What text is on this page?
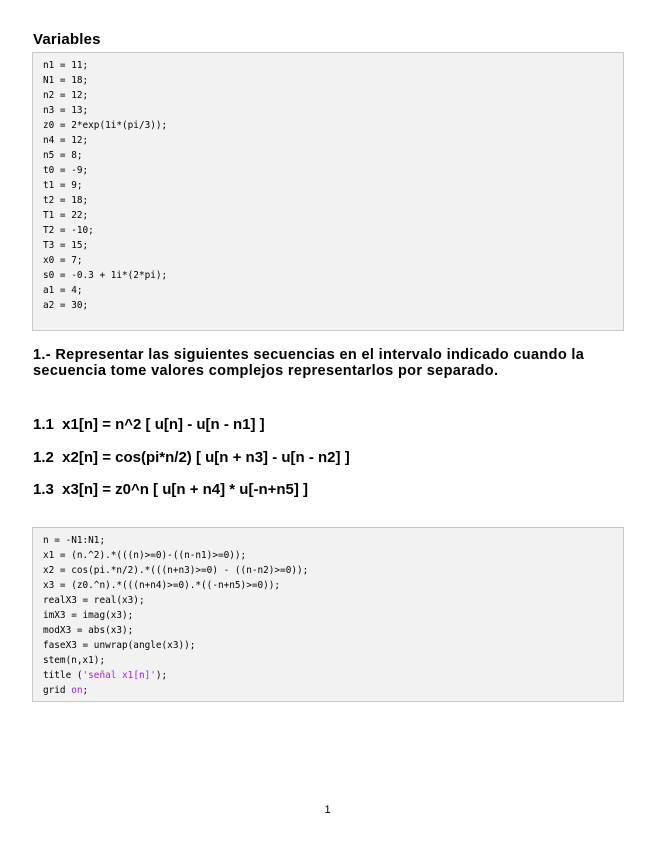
Variables
n1 = 11;
N1 = 18;
n2 = 12;
n3 = 13;
z0 = 2*exp(1i*(pi/3));
n4 = 12;
n5 = 8;
t0 = -9;
t1 = 9;
t2 = 18;
T1 = 22;
T2 = -10;
T3 = 15;
x0 = 7;
s0 = -0.3 + 1i*(2*pi);
a1 = 4;
a2 = 30;
1.- Representar las siguientes secuencias en el intervalo indicado cuando la secuencia tome valores complejos representarlos por separado.
1.1  x1[n] = n^2 [ u[n] - u[n - n1] ]
1.2  x2[n] = cos(pi*n/2) [ u[n + n3] - u[n - n2] ]
1.3  x3[n] = z0^n [ u[n + n4] * u[-n+n5] ]
n = -N1:N1;
x1 = (n.^2).*(((n)>=0)-((n-n1)>=0));
x2 = cos(pi.*n/2).*(((n+n3)>=0) - ((n-n2)>=0));
x3 = (z0.^n).*(((n+n4)>=0).*((-n+n5)>=0));
realX3 = real(x3);
imX3 = imag(x3);
modX3 = abs(x3);
faseX3 = unwrap(angle(x3));
stem(n,x1);
title ('señal x1[n]');
grid on;
1
